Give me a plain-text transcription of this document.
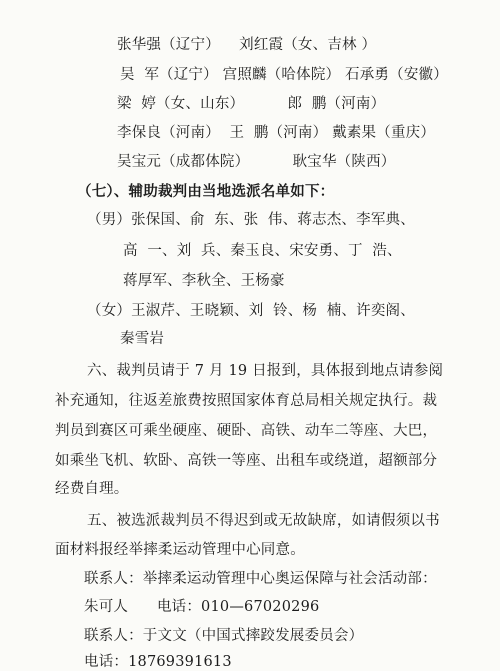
张华强（辽宁）    刘红霞（女、吉林 ）
吴  军（辽宁） 宫照麟（哈体院） 石承勇（安徽）
梁  婷（女、山东）         郎  鹏（河南）
李保良（河南）  王  鹏（河南） 戴素果（重庆）
吴宝元（成都体院）         耿宝华（陕西）
（七）、辅助裁判由当地选派名单如下：
（男）张保国、俞  东、张  伟、蒋志杰、李军典、
高  一、刘  兵、秦玉良、宋安勇、丁  浩、
蒋厚军、李秋全、王杨豪
（女）王淑芹、王晓颖、刘  铃、杨  楠、许奕阁、
秦雪岩
六、裁判员请于 7 月 19 日报到，具体报到地点请参阅
补充通知，往返差旅费按照国家体育总局相关规定执行。裁
判员到赛区可乘坐硬座、硬卧、高铁、动车二等座、大巴，
如乘坐飞机、软卧、高铁一等座、出租车或绕道，超额部分
经费自理。
五、被选派裁判员不得迟到或无故缺席，如请假须以书
面材料报经举摔柔运动管理中心同意。
联系人：举摔柔运动管理中心奥运保障与社会活动部：
朱可人      电话：010—67020296
联系人：于文文（中国式摔跤发展委员会）
电话：18769391613
